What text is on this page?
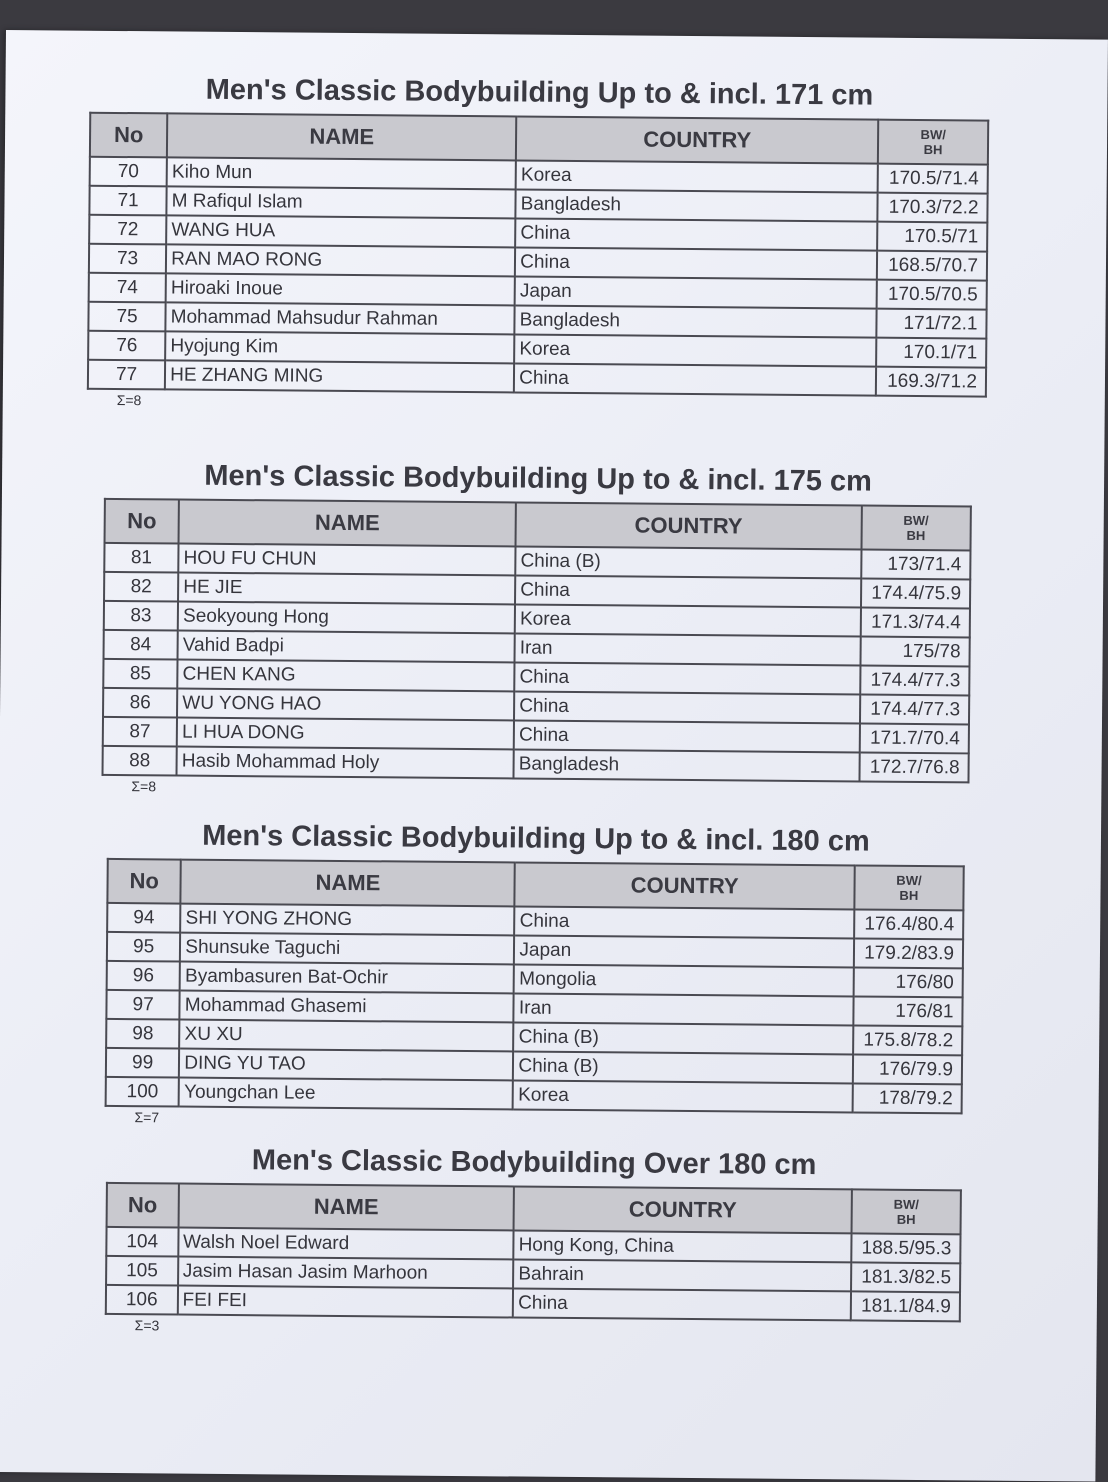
Men's Classic Bodybuilding Up to & incl. 171 cm
No	NAME	COUNTRY	BW/
BH

70	Kiho Mun	Korea	170.5/71.4
71	M Rafiqul Islam	Bangladesh	170.3/72.2
72	WANG HUA	China	170.5/71
73	RAN MAO RONG	China	168.5/70.7
74	Hiroaki Inoue	Japan	170.5/70.5
75	Mohammad Mahsudur Rahman	Bangladesh	171/72.1
76	Hyojung Kim	Korea	170.1/71
77	HE ZHANG MING	China	169.3/71.2
Σ=8
Men's Classic Bodybuilding Up to & incl. 175 cm
No	NAME	COUNTRY	BW/
BH

81	HOU FU CHUN	China (B)	173/71.4
82	HE JIE	China	174.4/75.9
83	Seokyoung Hong	Korea	171.3/74.4
84	Vahid Badpi	Iran	175/78
85	CHEN KANG	China	174.4/77.3
86	WU YONG HAO	China	174.4/77.3
87	LI HUA DONG	China	171.7/70.4
88	Hasib Mohammad Holy	Bangladesh	172.7/76.8
Σ=8
Men's Classic Bodybuilding Up to & incl. 180 cm
No	NAME	COUNTRY	BW/
BH

94	SHI YONG ZHONG	China	176.4/80.4
95	Shunsuke Taguchi	Japan	179.2/83.9
96	Byambasuren Bat-Ochir	Mongolia	176/80
97	Mohammad Ghasemi	Iran	176/81
98	XU XU	China (B)	175.8/78.2
99	DING YU TAO	China (B)	176/79.9
100	Youngchan Lee	Korea	178/79.2
Σ=7
Men's Classic Bodybuilding Over 180 cm
No	NAME	COUNTRY	BW/
BH

104	Walsh Noel Edward	Hong Kong, China	188.5/95.3
105	Jasim Hasan Jasim Marhoon	Bahrain	181.3/82.5
106	FEI FEI	China	181.1/84.9
Σ=3
